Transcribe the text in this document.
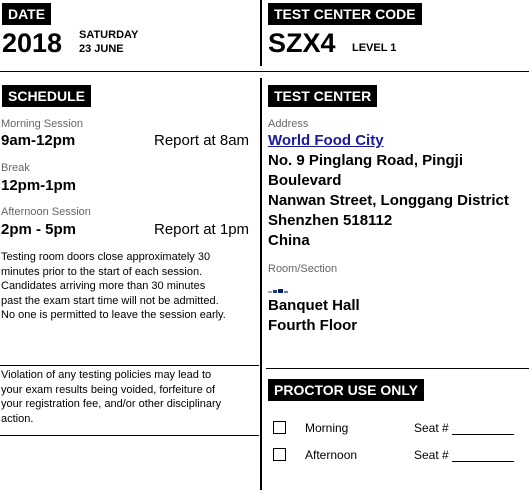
DATE
2018 SATURDAY
23 JUNE
TEST CENTER CODE
SZX4 LEVEL 1
SCHEDULE
Morning Session
9am-12pm	Report at 8am
Break
12pm-1pm
Afternoon Session
2pm - 5pm	Report at 1pm
Testing room doors close approximately 30
minutes prior to the start of each session.
Candidates arriving more than 30 minutes
past the exam start time will not be admitted.
No one is permitted to leave the session early.
Violation of any testing policies may lead to
your exam results being voided, forfeiture of
your registration fee, and/or other disciplinary
action.
TEST CENTER
Address
World Food City
No. 9 Pinglang Road, Pingji
Boulevard
Nanwan Street, Longgang District
Shenzhen 518112
China
Room/Section
Banquet Hall
Fourth Floor
PROCTOR USE ONLY
Morning	Seat #
Afternoon	Seat #
